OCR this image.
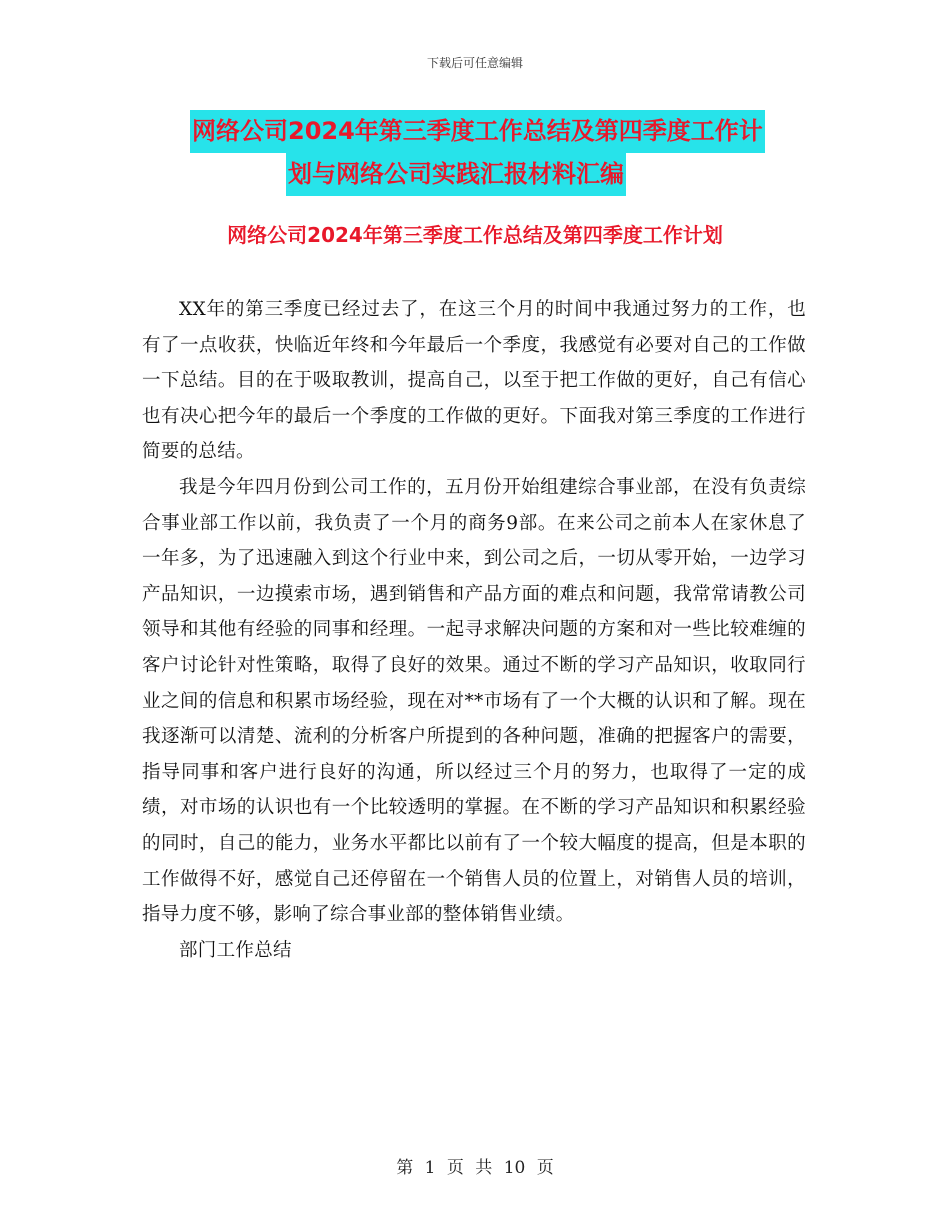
下载后可任意编辑
网络公司2024年第三季度工作总结及第四季度工作计
划与网络公司实践汇报材料汇编
网络公司2024年第三季度工作总结及第四季度工作计划

XX年的第三季度已经过去了，在这三个月的时间中我通过努力的工作，也有了一点收获，快临近年终和今年最后一个季度，我感觉有必要对自己的工作做一下总结。目的在于吸取教训，提高自己，以至于把工作做的更好，自己有信心也有决心把今年的最后一个季度的工作做的更好。下面我对第三季度的工作进行简要的总结。

我是今年四月份到公司工作的，五月份开始组建综合事业部，在没有负责综合事业部工作以前，我负责了一个月的商务9部。在来公司之前本人在家休息了一年多，为了迅速融入到这个行业中来，到公司之后，一切从零开始，一边学习产品知识，一边摸索市场，遇到销售和产品方面的难点和问题，我常常请教公司领导和其他有经验的同事和经理。一起寻求解决问题的方案和对一些比较难缠的客户讨论针对性策略，取得了良好的效果。通过不断的学习产品知识，收取同行业之间的信息和积累市场经验，现在对**市场有了一个大概的认识和了解。现在我逐渐可以清楚、流利的分析客户所提到的各种问题，准确的把握客户的需要，指导同事和客户进行良好的沟通，所以经过三个月的努力，也取得了一定的成绩，对市场的认识也有一个比较透明的掌握。在不断的学习产品知识和积累经验的同时，自己的能力，业务水平都比以前有了一个较大幅度的提高，但是本职的工作做得不好，感觉自己还停留在一个销售人员的位置上，对销售人员的培训，指导力度不够，影响了综合事业部的整体销售业绩。

部门工作总结

第 1 页 共 10 页
